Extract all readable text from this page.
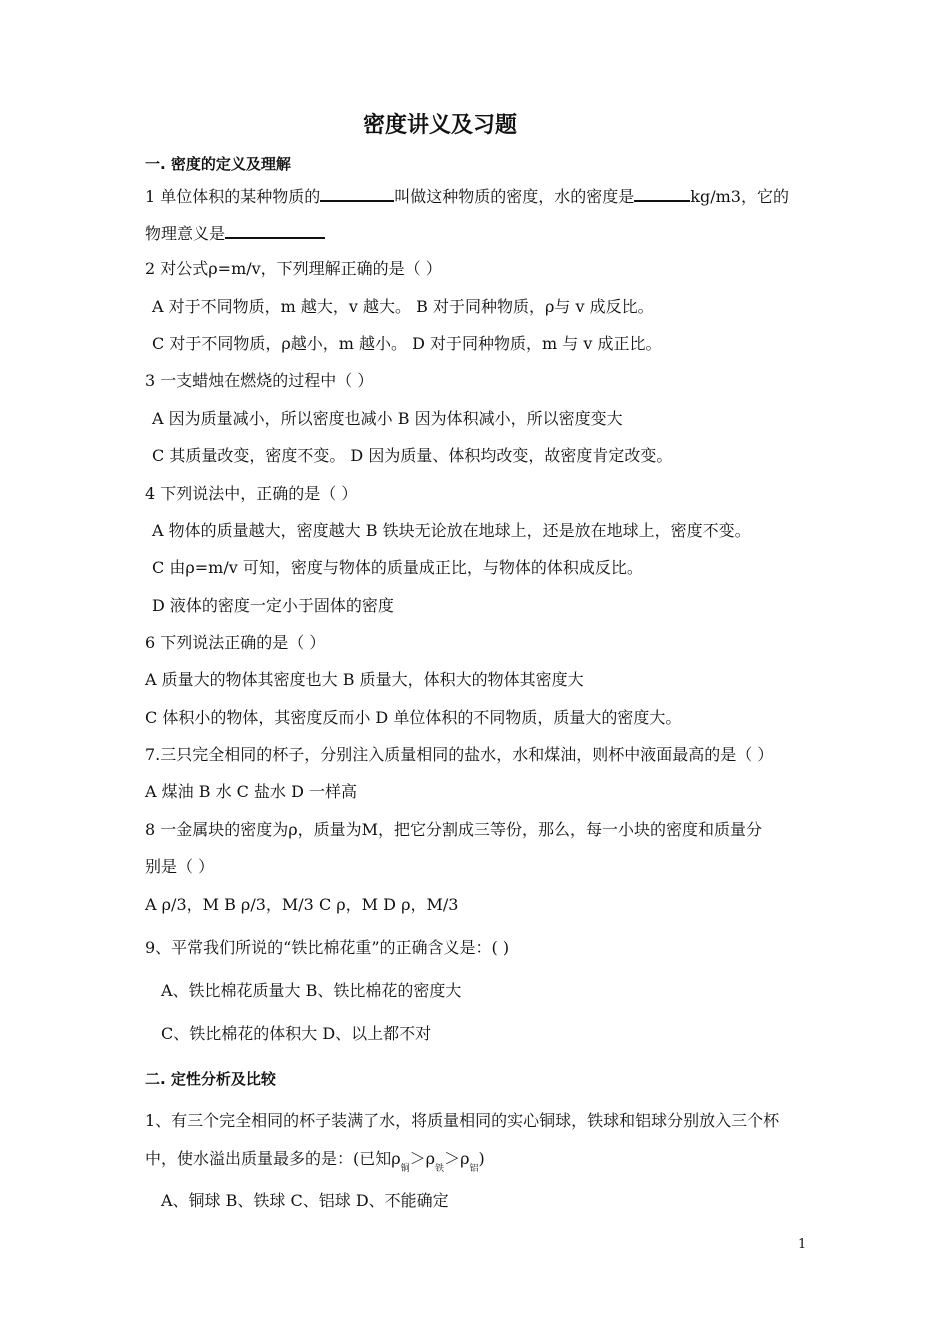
密度讲义及习题
一. 密度的定义及理解
1 单位体积的某种物质的	叫做这种物质的密度，水的密度是	kg/m3，它的
物理意义是
2 对公式ρ=m/v，下列理解正确的是（ ）
A 对于不同物质，m 越大，v 越大。 B 对于同种物质，ρ与 v 成反比。
C 对于不同物质，ρ越小，m 越小。 D 对于同种物质，m 与 v 成正比。
3 一支蜡烛在燃烧的过程中（ ）
A 因为质量减小，所以密度也减小 B 因为体积减小，所以密度变大
C 其质量改变，密度不变。 D 因为质量、体积均改变，故密度肯定改变。
4 下列说法中，正确的是（ ）
A 物体的质量越大，密度越大 B 铁块无论放在地球上，还是放在地球上，密度不变。
C 由ρ=m/v 可知，密度与物体的质量成正比，与物体的体积成反比。
D 液体的密度一定小于固体的密度
6 下列说法正确的是（ ）
A 质量大的物体其密度也大 B 质量大，体积大的物体其密度大
C 体积小的物体，其密度反而小 D 单位体积的不同物质，质量大的密度大。
7.三只完全相同的杯子，分别注入质量相同的盐水，水和煤油，则杯中液面最高的是（ ）
A 煤油 B 水 C 盐水 D 一样高
8 一金属块的密度为ρ，质量为M，把它分割成三等份，那么，每一小块的密度和质量分
别是（ ）
A ρ/3，M B ρ/3，M/3 C ρ，M D ρ，M/3
9、平常我们所说的“铁比棉花重”的正确含义是：( )
A、铁比棉花质量大 B、铁比棉花的密度大
C、铁比棉花的体积大 D、以上都不对
二. 定性分析及比较
1、有三个完全相同的杯子装满了水，将质量相同的实心铜球，铁球和铝球分别放入三个杯
中，使水溢出质量最多的是：(已知$\rho_铜>\rho_铁>\rho_铝$)
A、铜球 B、铁球 C、铝球 D、不能确定
1
